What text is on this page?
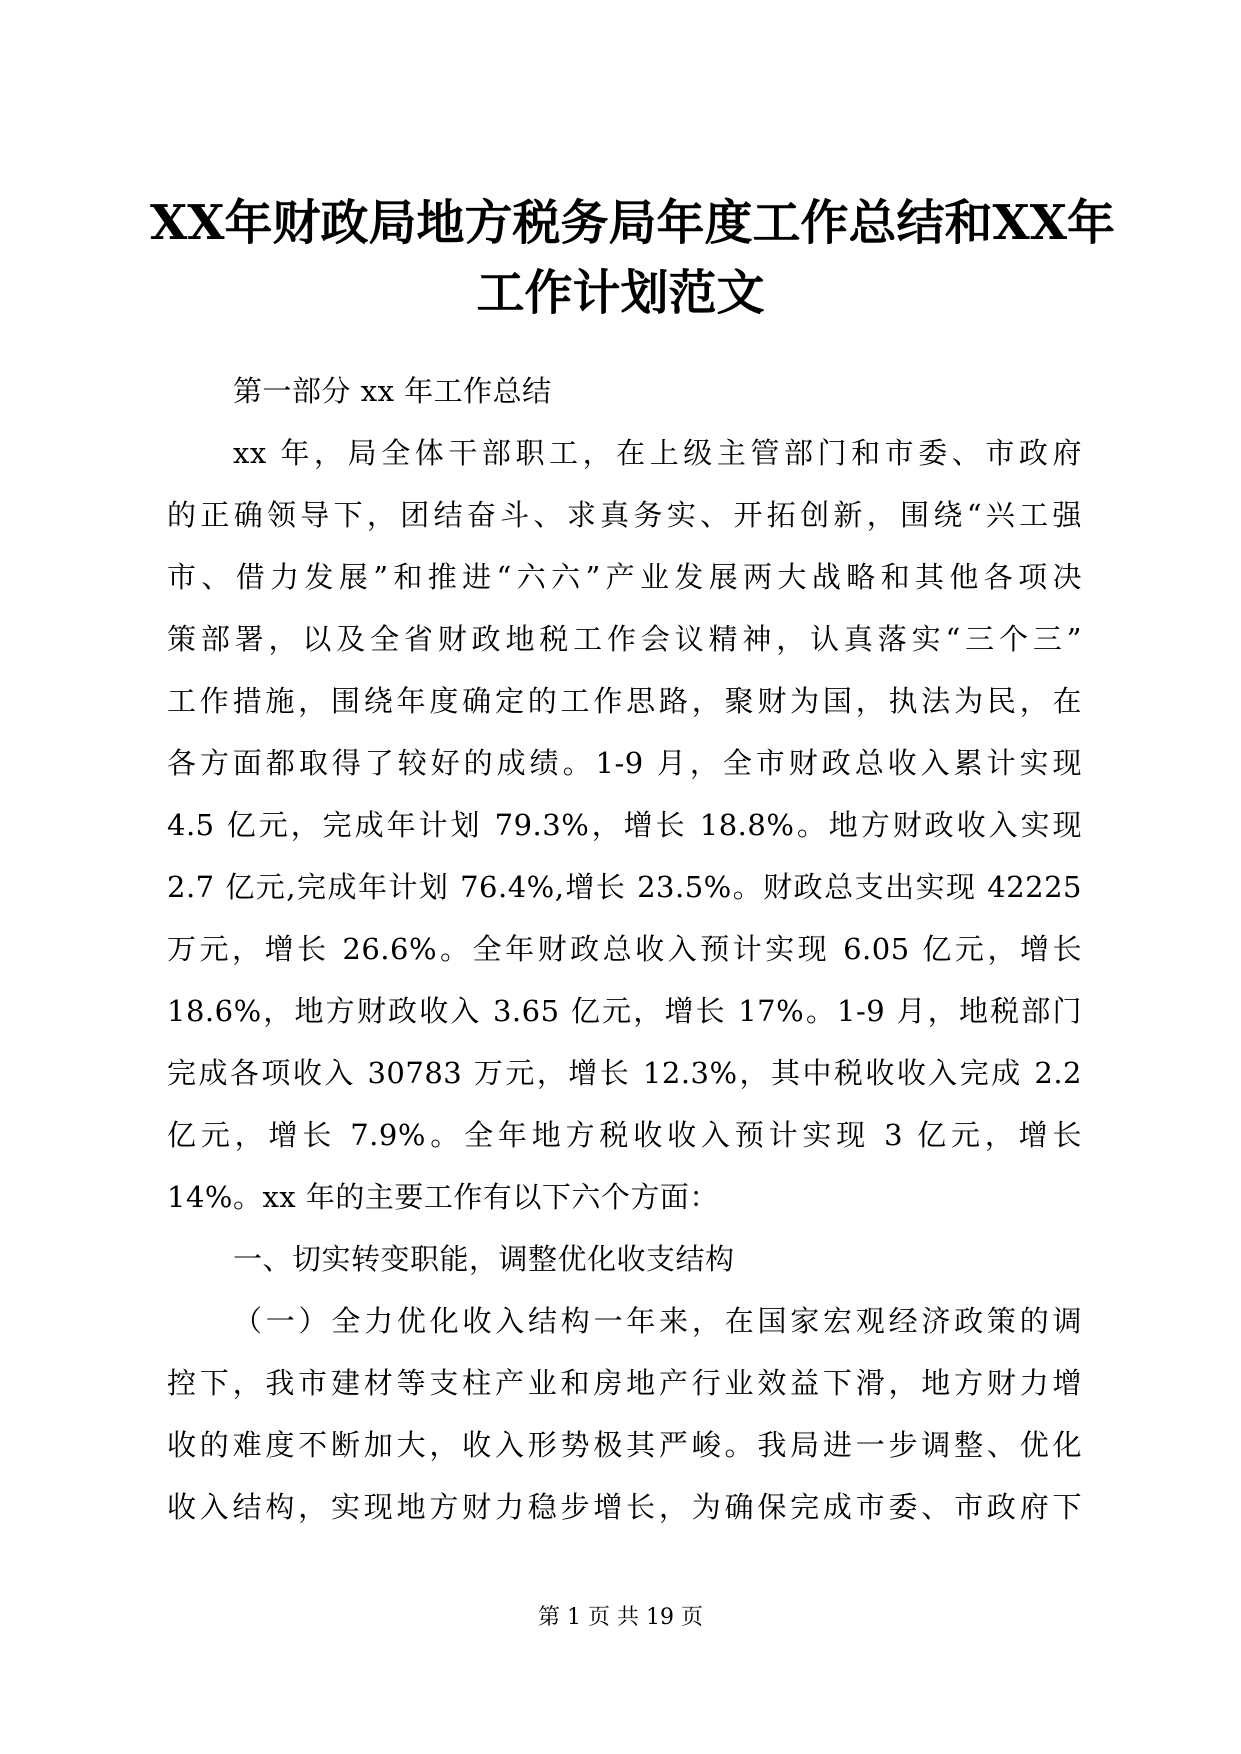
XX年财政局地方税务局年度工作总结和XX年
工作计划范文
第一部分 xx 年工作总结
xx 年，局全体干部职工，在上级主管部门和市委、市政府
的正确领导下，团结奋斗、求真务实、开拓创新，围绕“兴工强
市、借力发展”和推进“六六”产业发展两大战略和其他各项决
策部署，以及全省财政地税工作会议精神，认真落实“三个三”
工作措施，围绕年度确定的工作思路，聚财为国，执法为民，在
各方面都取得了较好的成绩。1-9 月，全市财政总收入累计实现
4.5 亿元，完成年计划 79.3%，增长 18.8%。地方财政收入实现
2.7 亿元,完成年计划 76.4%,增长 23.5%。财政总支出实现 42225
万元，增长 26.6%。全年财政总收入预计实现 6.05 亿元，增长
18.6%，地方财政收入 3.65 亿元，增长 17%。1-9 月，地税部门
完成各项收入 30783 万元，增长 12.3%，其中税收收入完成 2.2
亿元，增长 7.9%。全年地方税收收入预计实现 3 亿元，增长
14%。xx 年的主要工作有以下六个方面：
一、切实转变职能，调整优化收支结构
（一）全力优化收入结构一年来，在国家宏观经济政策的调
控下，我市建材等支柱产业和房地产行业效益下滑，地方财力增
收的难度不断加大，收入形势极其严峻。我局进一步调整、优化
收入结构，实现地方财力稳步增长，为确保完成市委、市政府下
第 1 页 共 19 页
